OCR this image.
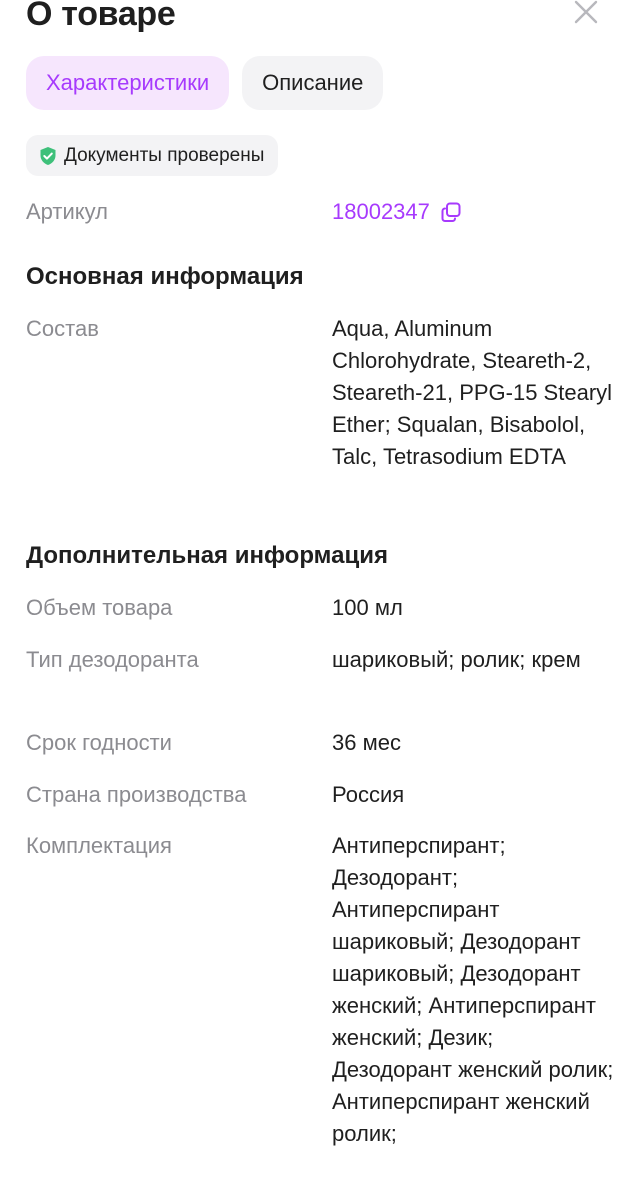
О товаре
Характеристики	Описание
Документы проверены
Артикул	18002347
Основная информация
Состав	Aqua, Aluminum Chlorohydrate, Steareth-2, Steareth-21, PPG-15 Stearyl Ether; Squalan, Bisabolol, Talc, Tetrasodium EDTA
Дополнительная информация
Объем товара	100 мл
Тип дезодоранта	шариковый; ролик; крем
Срок годности	36 мес
Страна производства	Россия
Комплектация	Антиперспирант; Дезодорант; Антиперспирант шариковый; Дезодорант шариковый; Дезодорант женский; Антиперспирант женский; Дезик; Дезодорант женский ролик; Антиперспирант женский ролик;
